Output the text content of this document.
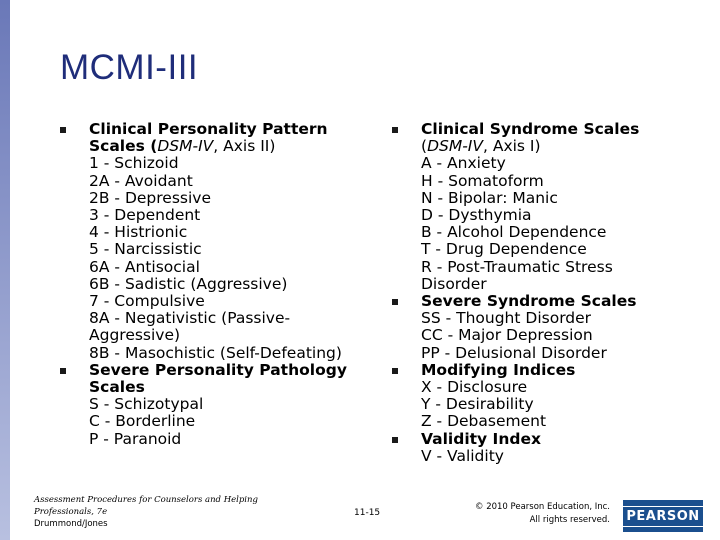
MCMI-III
Clinical Personality Pattern Scales (DSM-IV, Axis II)
1 - Schizoid
2A - Avoidant
2B - Depressive
3 - Dependent
4 - Histrionic
5 - Narcissistic
6A - Antisocial
6B - Sadistic (Aggressive)
7 - Compulsive
8A - Negativistic (Passive-
Aggressive)
8B - Masochistic (Self-Defeating)
Severe Personality Pathology Scales
S - Schizotypal
C - Borderline
P - Paranoid
Clinical Syndrome Scales
(DSM-IV, Axis I)
A - Anxiety
H - Somatoform
N - Bipolar: Manic
D - Dysthymia
B - Alcohol Dependence
T - Drug Dependence
R - Post-Traumatic Stress
Disorder
Severe Syndrome Scales
SS - Thought Disorder
CC - Major Depression
PP - Delusional Disorder
Modifying Indices
X - Disclosure
Y - Desirability
Z - Debasement
Validity Index
V - Validity
Assessment Procedures for Counselors and Helping
Professionals, 7e
Drummond/Jones
11-15
© 2010 Pearson Education, Inc.
All rights reserved.	PEARSON
